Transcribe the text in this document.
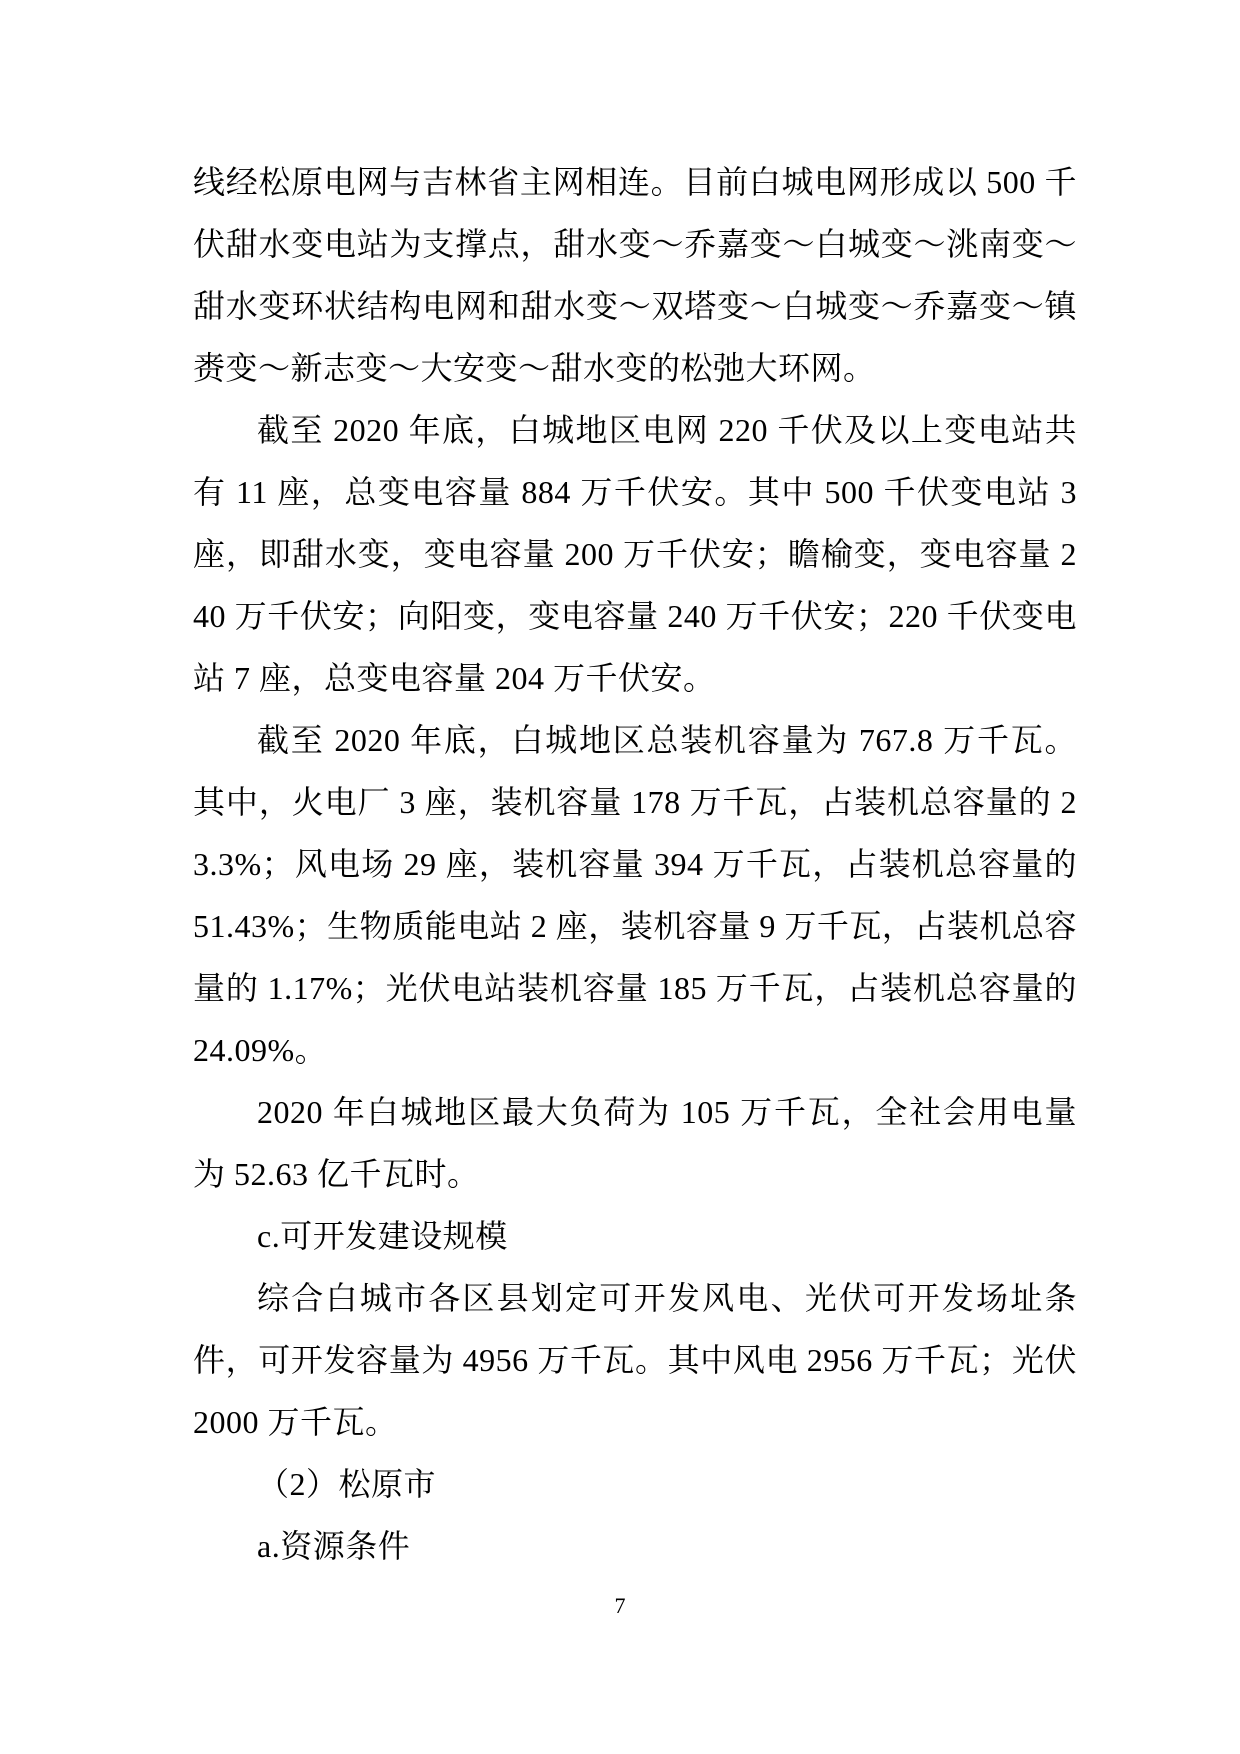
线经松原电网与吉林省主网相连。目前白城电网形成以 500 千伏甜水变电站为支撑点，甜水变～乔嘉变～白城变～洮南变～甜水变环状结构电网和甜水变～双塔变～白城变～乔嘉变～镇赉变～新志变～大安变～甜水变的松弛大环网。

截至 2020 年底，白城地区电网 220 千伏及以上变电站共有 11 座，总变电容量 884 万千伏安。其中 500 千伏变电站 3 座，即甜水变，变电容量 200 万千伏安；瞻榆变，变电容量 240 万千伏安；向阳变，变电容量 240 万千伏安；220 千伏变电站 7 座，总变电容量 204 万千伏安。

截至 2020 年底，白城地区总装机容量为 767.8 万千瓦。其中，火电厂 3 座，装机容量 178 万千瓦，占装机总容量的 23.3%；风电场 29 座，装机容量 394 万千瓦，占装机总容量的 51.43%；生物质能电站 2 座，装机容量 9 万千瓦，占装机总容量的 1.17%；光伏电站装机容量 185 万千瓦，占装机总容量的 24.09%。

2020 年白城地区最大负荷为 105 万千瓦，全社会用电量为 52.63 亿千瓦时。

c.可开发建设规模

综合白城市各区县划定可开发风电、光伏可开发场址条件，可开发容量为 4956 万千瓦。其中风电 2956 万千瓦；光伏 2000 万千瓦。

（2）松原市

a.资源条件

7
